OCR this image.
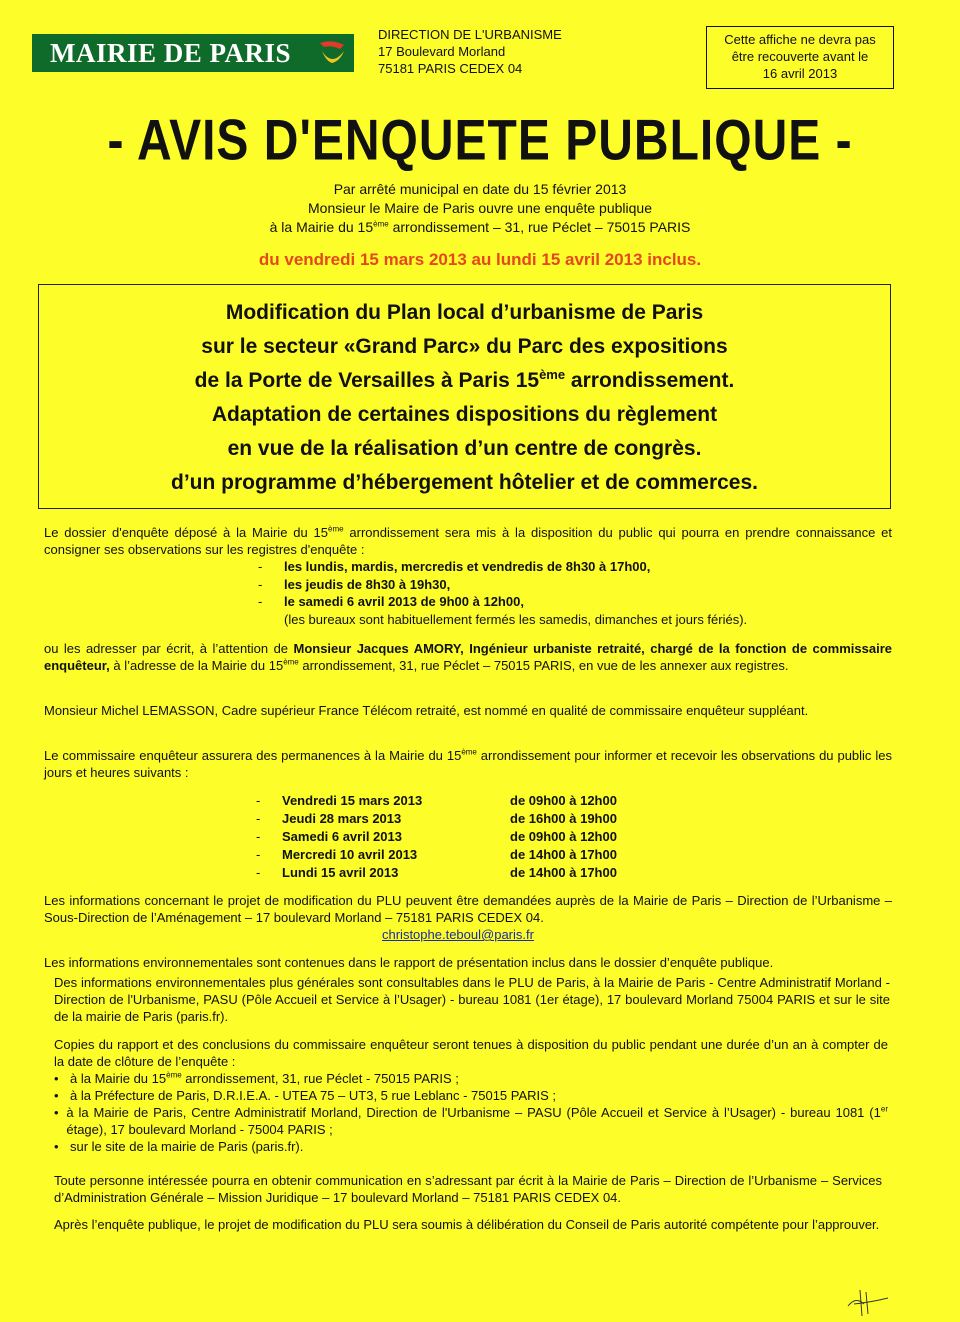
MAIRIE DE PARIS
DIRECTION DE L'URBANISME
17 Boulevard Morland
75181 PARIS CEDEX 04
Cette affiche ne devra pas
être recouverte avant le
16 avril 2013
- AVIS D'ENQUETE PUBLIQUE -
Par arrêté municipal en date du 15 février 2013
Monsieur le Maire de Paris ouvre une enquête publique
à la Mairie du 15ème arrondissement – 31, rue Péclet – 75015 PARIS
du vendredi 15 mars 2013 au lundi 15 avril 2013 inclus.
Modification du Plan local d’urbanisme de Paris
sur le secteur «Grand Parc» du Parc des expositions
de la Porte de Versailles à Paris 15ème arrondissement.
Adaptation de certaines dispositions du règlement
en vue de la réalisation d’un centre de congrès.
d’un programme d’hébergement hôtelier et de commerces.
Le dossier d'enquête déposé à la Mairie du 15ème arrondissement sera mis à la disposition du public qui pourra en prendre connaissance et consigner ses observations sur les registres d'enquête :
-	les lundis, mardis, mercredis et vendredis de 8h30 à 17h00,
-	les jeudis de 8h30 à 19h30,
-	le samedi 6 avril 2013 de 9h00 à 12h00,
(les bureaux sont habituellement fermés les samedis, dimanches et jours fériés).
ou les adresser par écrit, à l’attention de Monsieur Jacques AMORY, Ingénieur urbaniste retraité, chargé de la fonction de commissaire enquêteur, à l’adresse de la Mairie du 15ème arrondissement, 31, rue Péclet – 75015 PARIS, en vue de les annexer aux registres.
Monsieur Michel LEMASSON, Cadre supérieur France Télécom retraité, est nommé en qualité de commissaire enquêteur suppléant.
Le commissaire enquêteur assurera des permanences à la Mairie du 15ème arrondissement pour informer et recevoir les observations du public les jours et heures suivants :
-	Vendredi 15 mars 2013	de 09h00 à 12h00
-	Jeudi 28 mars 2013	de 16h00 à 19h00
-	Samedi 6 avril 2013	de 09h00 à 12h00
-	Mercredi 10 avril 2013	de 14h00 à 17h00
-	Lundi 15 avril 2013	de 14h00 à 17h00
Les informations concernant le projet de modification du PLU peuvent être demandées auprès de la Mairie de Paris – Direction de l’Urbanisme – Sous-Direction de l’Aménagement – 17 boulevard Morland – 75181 PARIS CEDEX 04.
christophe.teboul@paris.fr
Les informations environnementales sont contenues dans le rapport de présentation inclus dans le dossier d’enquête publique.
Des informations environnementales plus générales sont consultables dans le PLU de Paris, à la Mairie de Paris - Centre Administratif Morland - Direction de l'Urbanisme, PASU (Pôle Accueil et Service à l’Usager) - bureau 1081 (1er étage), 17 boulevard Morland 75004 PARIS et sur le site de la mairie de Paris (paris.fr).
Copies du rapport et des conclusions du commissaire enquêteur seront tenues à disposition du public pendant une durée d’un an à compter de la date de clôture de l’enquête :
• à la Mairie du 15ème arrondissement, 31, rue Péclet - 75015 PARIS ;
• à la Préfecture de Paris, D.R.I.E.A. - UTEA 75 – UT3, 5 rue Leblanc - 75015 PARIS ;
• à la Mairie de Paris, Centre Administratif Morland, Direction de l'Urbanisme – PASU (Pôle Accueil et Service à l’Usager) - bureau 1081 (1er étage), 17 boulevard Morland - 75004 PARIS ;
• sur le site de la mairie de Paris (paris.fr).
Toute personne intéressée pourra en obtenir communication en s’adressant par écrit à la Mairie de Paris – Direction de l’Urbanisme – Services d’Administration Générale – Mission Juridique – 17 boulevard Morland – 75181 PARIS CEDEX 04.
Après l’enquête publique, le projet de modification du PLU sera soumis à délibération du Conseil de Paris autorité compétente pour l’approuver.
